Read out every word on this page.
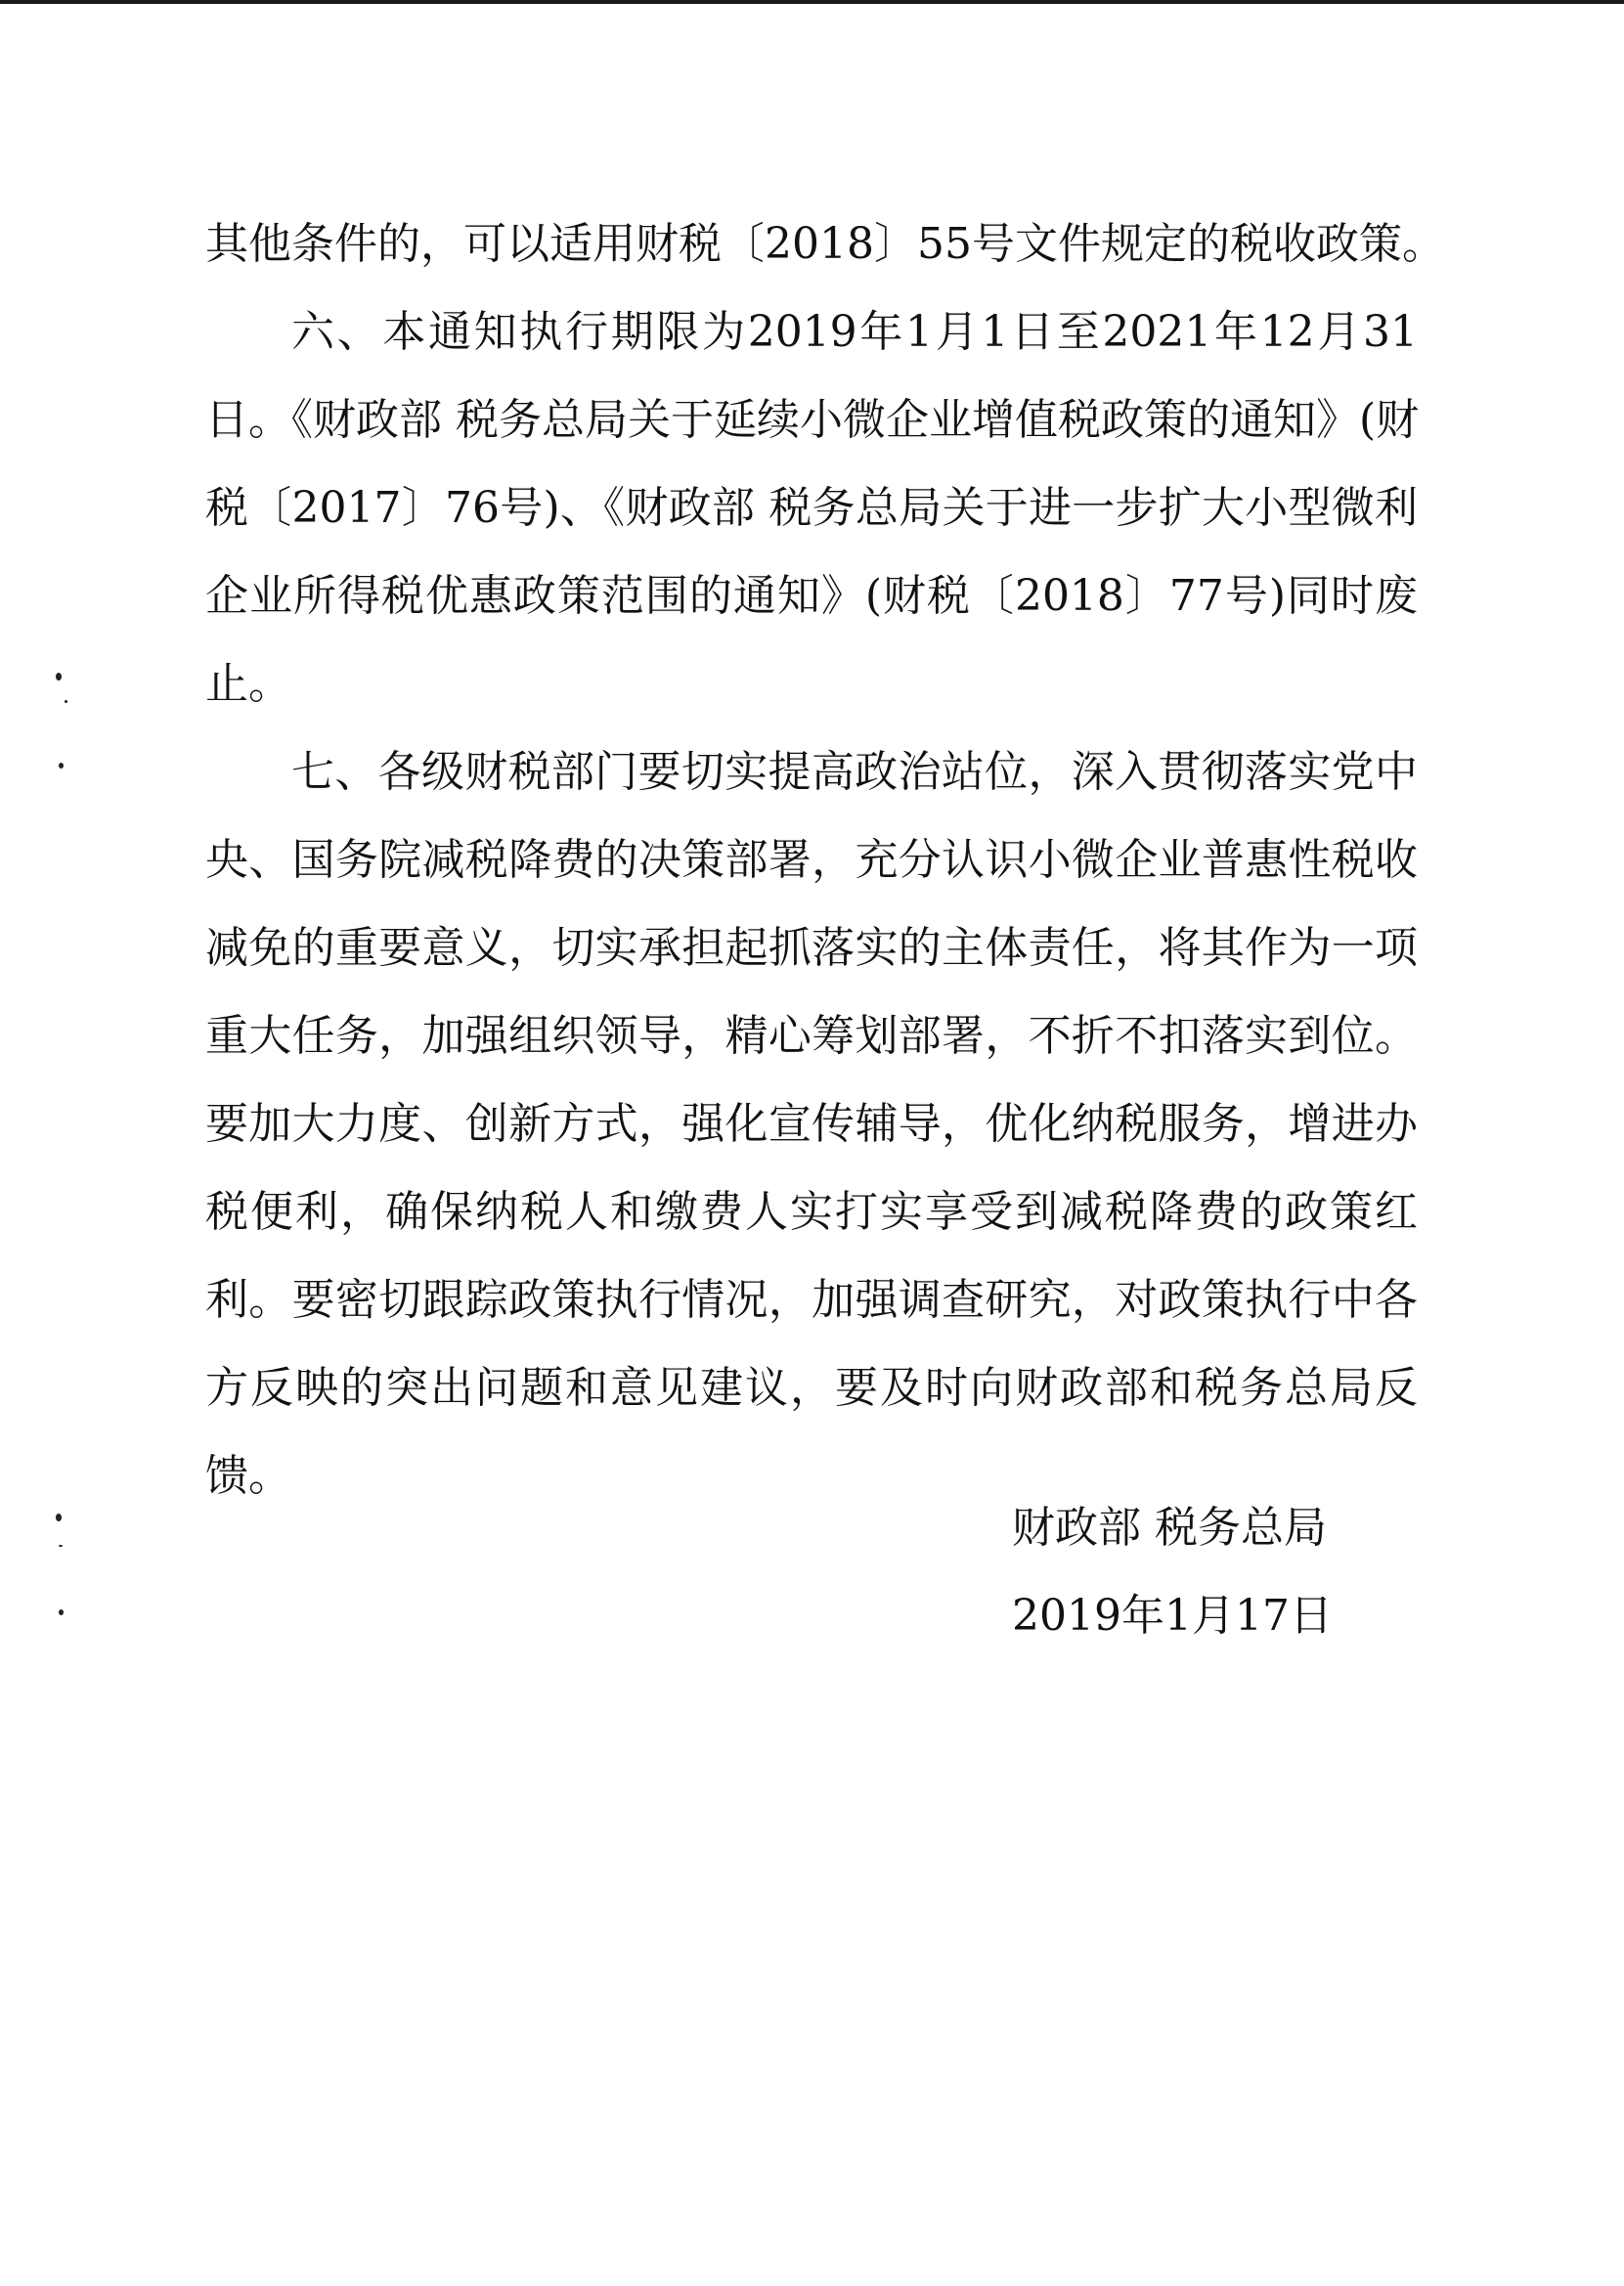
其他条件的，可以适用财税〔2018〕55号文件规定的税收政策。
六、本通知执行期限为2019年1月1日至2021年12月31
日。《财政部 税务总局关于延续小微企业增值税政策的通知》(财
税〔2017〕76号)、《财政部 税务总局关于进一步扩大小型微利
企业所得税优惠政策范围的通知》(财税〔2018〕77号)同时废
止。
七、各级财税部门要切实提高政治站位，深入贯彻落实党中
央、国务院减税降费的决策部署，充分认识小微企业普惠性税收
减免的重要意义，切实承担起抓落实的主体责任，将其作为一项
重大任务，加强组织领导，精心筹划部署，不折不扣落实到位。
要加大力度、创新方式，强化宣传辅导，优化纳税服务，增进办
税便利，确保纳税人和缴费人实打实享受到减税降费的政策红
利。要密切跟踪政策执行情况，加强调查研究，对政策执行中各
方反映的突出问题和意见建议，要及时向财政部和税务总局反
馈。
财政部 税务总局
2019年1月17日
